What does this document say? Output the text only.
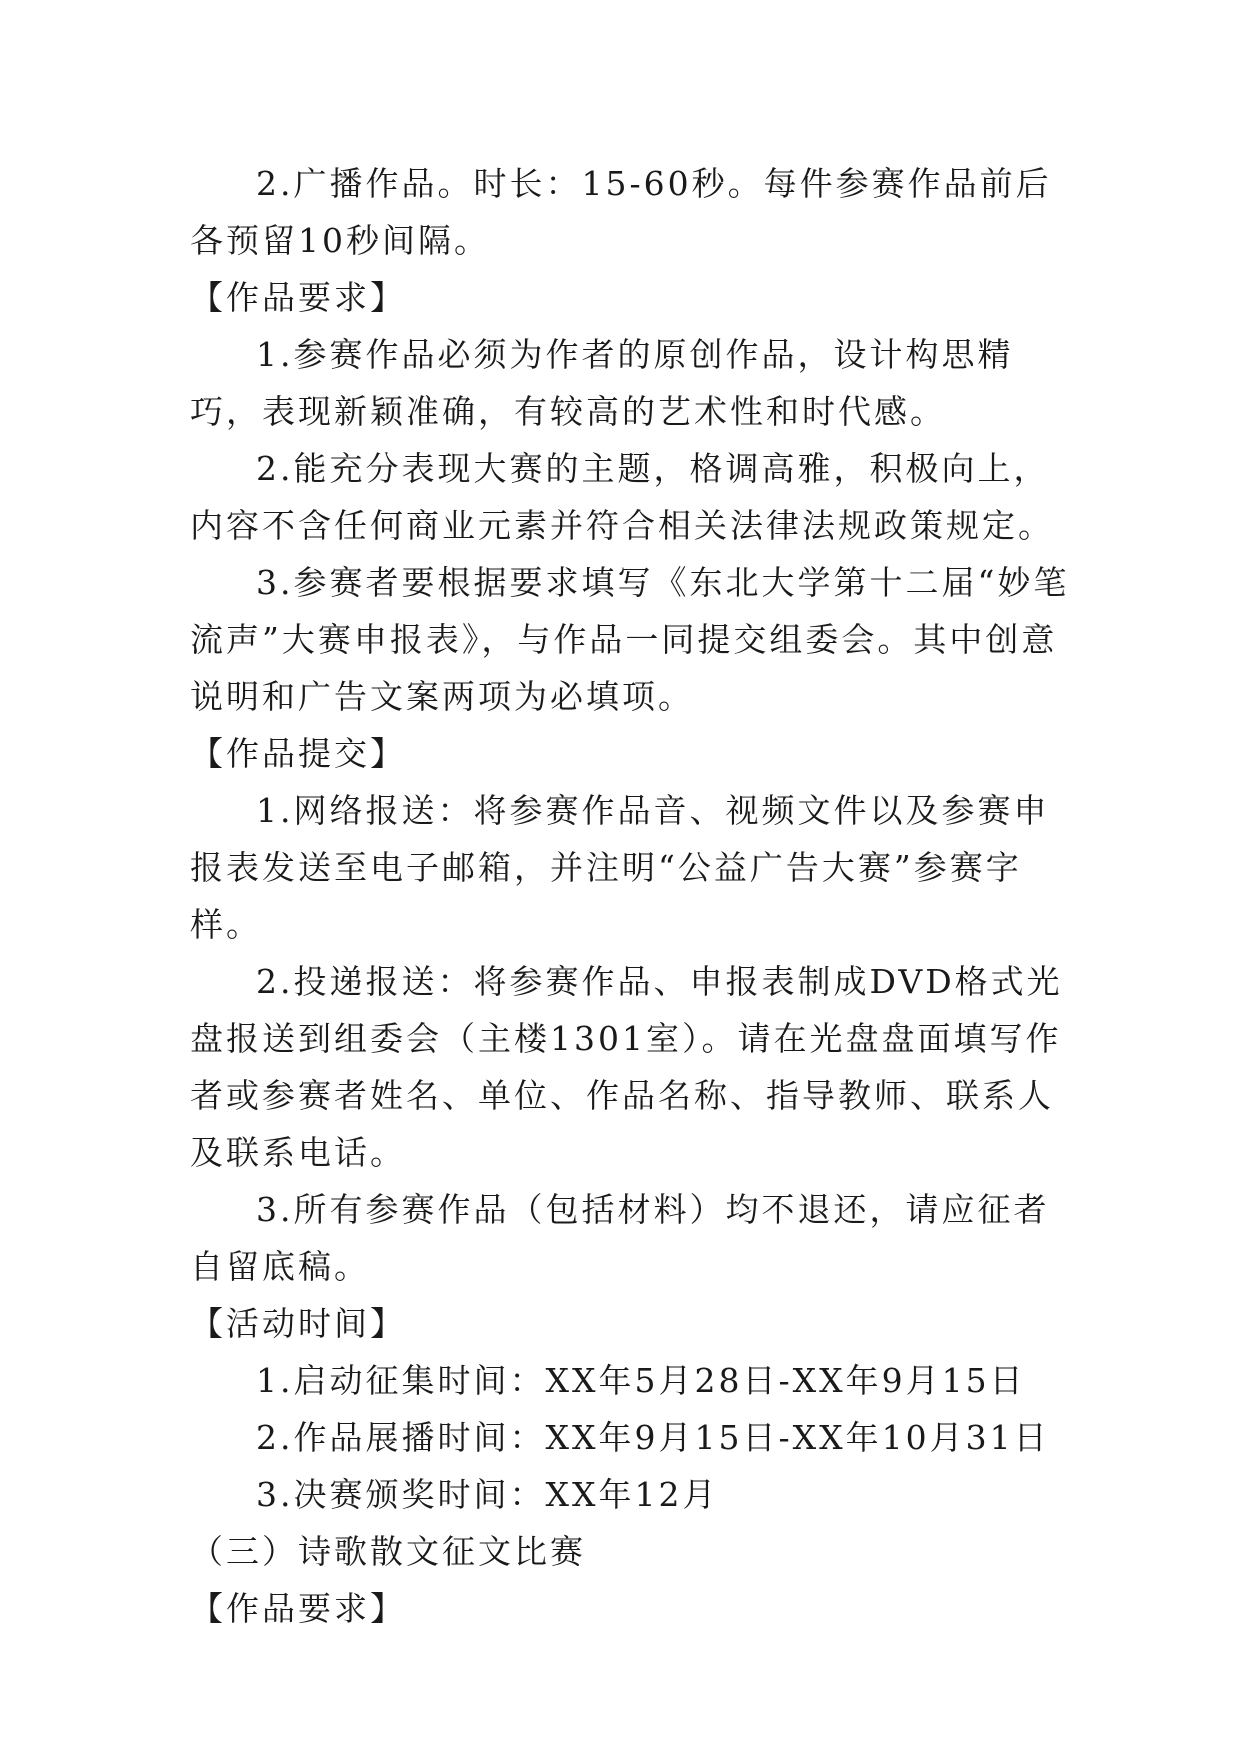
2.广播作品。时长：15-60秒。每件参赛作品前后各预留10秒间隔。

【作品要求】

1.参赛作品必须为作者的原创作品，设计构思精巧，表现新颖准确，有较高的艺术性和时代感。

2.能充分表现大赛的主题，格调高雅，积极向上，内容不含任何商业元素并符合相关法律法规政策规定。

3.参赛者要根据要求填写《东北大学第十二届“妙笔流声”大赛申报表》，与作品一同提交组委会。其中创意说明和广告文案两项为必填项。

【作品提交】

1.网络报送：将参赛作品音、视频文件以及参赛申报表发送至电子邮箱，并注明“公益广告大赛”参赛字样。

2.投递报送：将参赛作品、申报表制成DVD格式光盘报送到组委会（主楼1301室）。请在光盘盘面填写作者或参赛者姓名、单位、作品名称、指导教师、联系人及联系电话。

3.所有参赛作品（包括材料）均不退还，请应征者自留底稿。

【活动时间】

1.启动征集时间：XX年5月28日-XX年9月15日

2.作品展播时间：XX年9月15日-XX年10月31日

3.决赛颁奖时间：XX年12月

（三）诗歌散文征文比赛

【作品要求】
